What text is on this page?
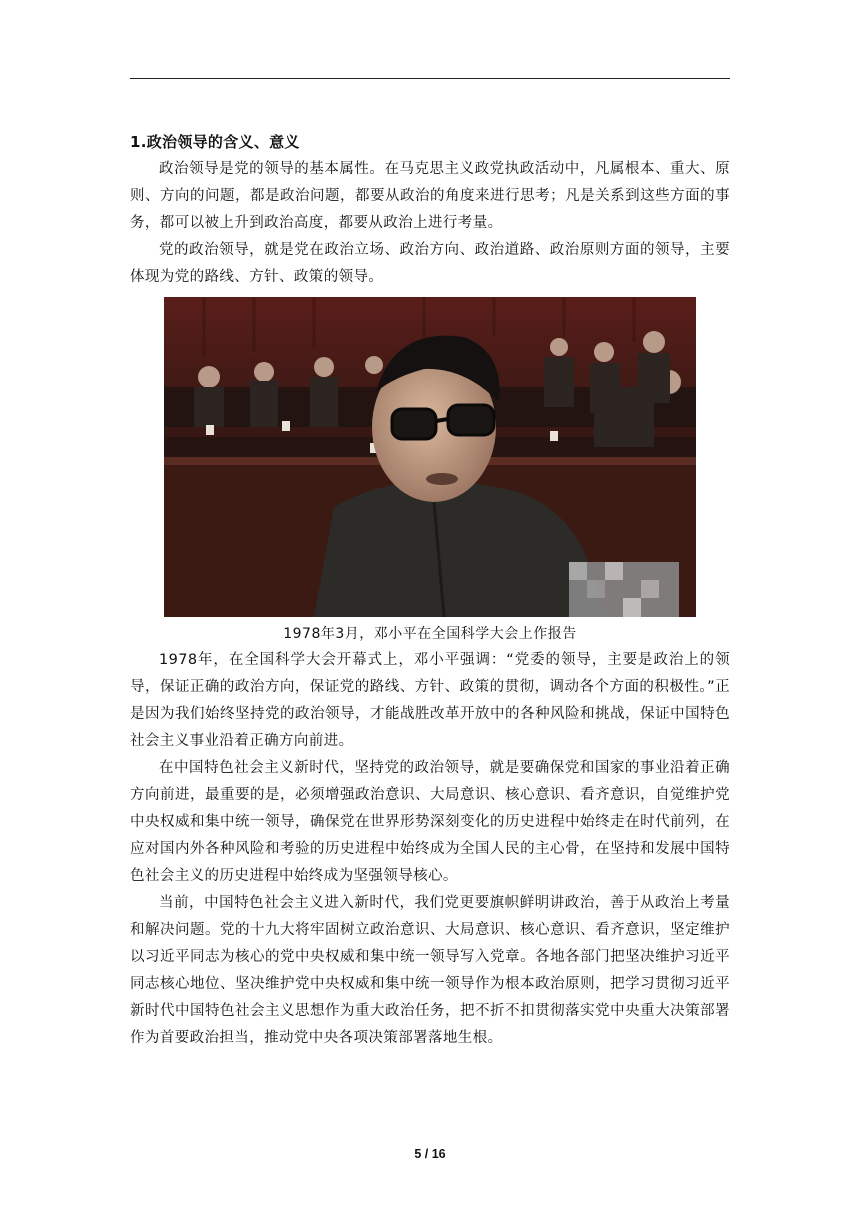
1.政治领导的含义、意义

政治领导是党的领导的基本属性。在马克思主义政党执政活动中，凡属根本、重大、原则、方向的问题，都是政治问题，都要从政治的角度来进行思考；凡是关系到这些方面的事务，都可以被上升到政治高度，都要从政治上进行考量。

党的政治领导，就是党在政治立场、政治方向、政治道路、政治原则方面的领导，主要体现为党的路线、方针、政策的领导。

1978年3月，邓小平在全国科学大会上作报告

1978年，在全国科学大会开幕式上，邓小平强调：“党委的领导，主要是政治上的领导，保证正确的政治方向，保证党的路线、方针、政策的贯彻，调动各个方面的积极性。”正是因为我们始终坚持党的政治领导，才能战胜改革开放中的各种风险和挑战，保证中国特色社会主义事业沿着正确方向前进。

在中国特色社会主义新时代，坚持党的政治领导，就是要确保党和国家的事业沿着正确方向前进，最重要的是，必须增强政治意识、大局意识、核心意识、看齐意识，自觉维护党中央权威和集中统一领导，确保党在世界形势深刻变化的历史进程中始终走在时代前列，在应对国内外各种风险和考验的历史进程中始终成为全国人民的主心骨，在坚持和发展中国特色社会主义的历史进程中始终成为坚强领导核心。

当前，中国特色社会主义进入新时代，我们党更要旗帜鲜明讲政治，善于从政治上考量和解决问题。党的十九大将牢固树立政治意识、大局意识、核心意识、看齐意识，坚定维护以习近平同志为核心的党中央权威和集中统一领导写入党章。各地各部门把坚决维护习近平同志核心地位、坚决维护党中央权威和集中统一领导作为根本政治原则，把学习贯彻习近平新时代中国特色社会主义思想作为重大政治任务，把不折不扣贯彻落实党中央重大决策部署作为首要政治担当，推动党中央各项决策部署落地生根。

5 / 16
